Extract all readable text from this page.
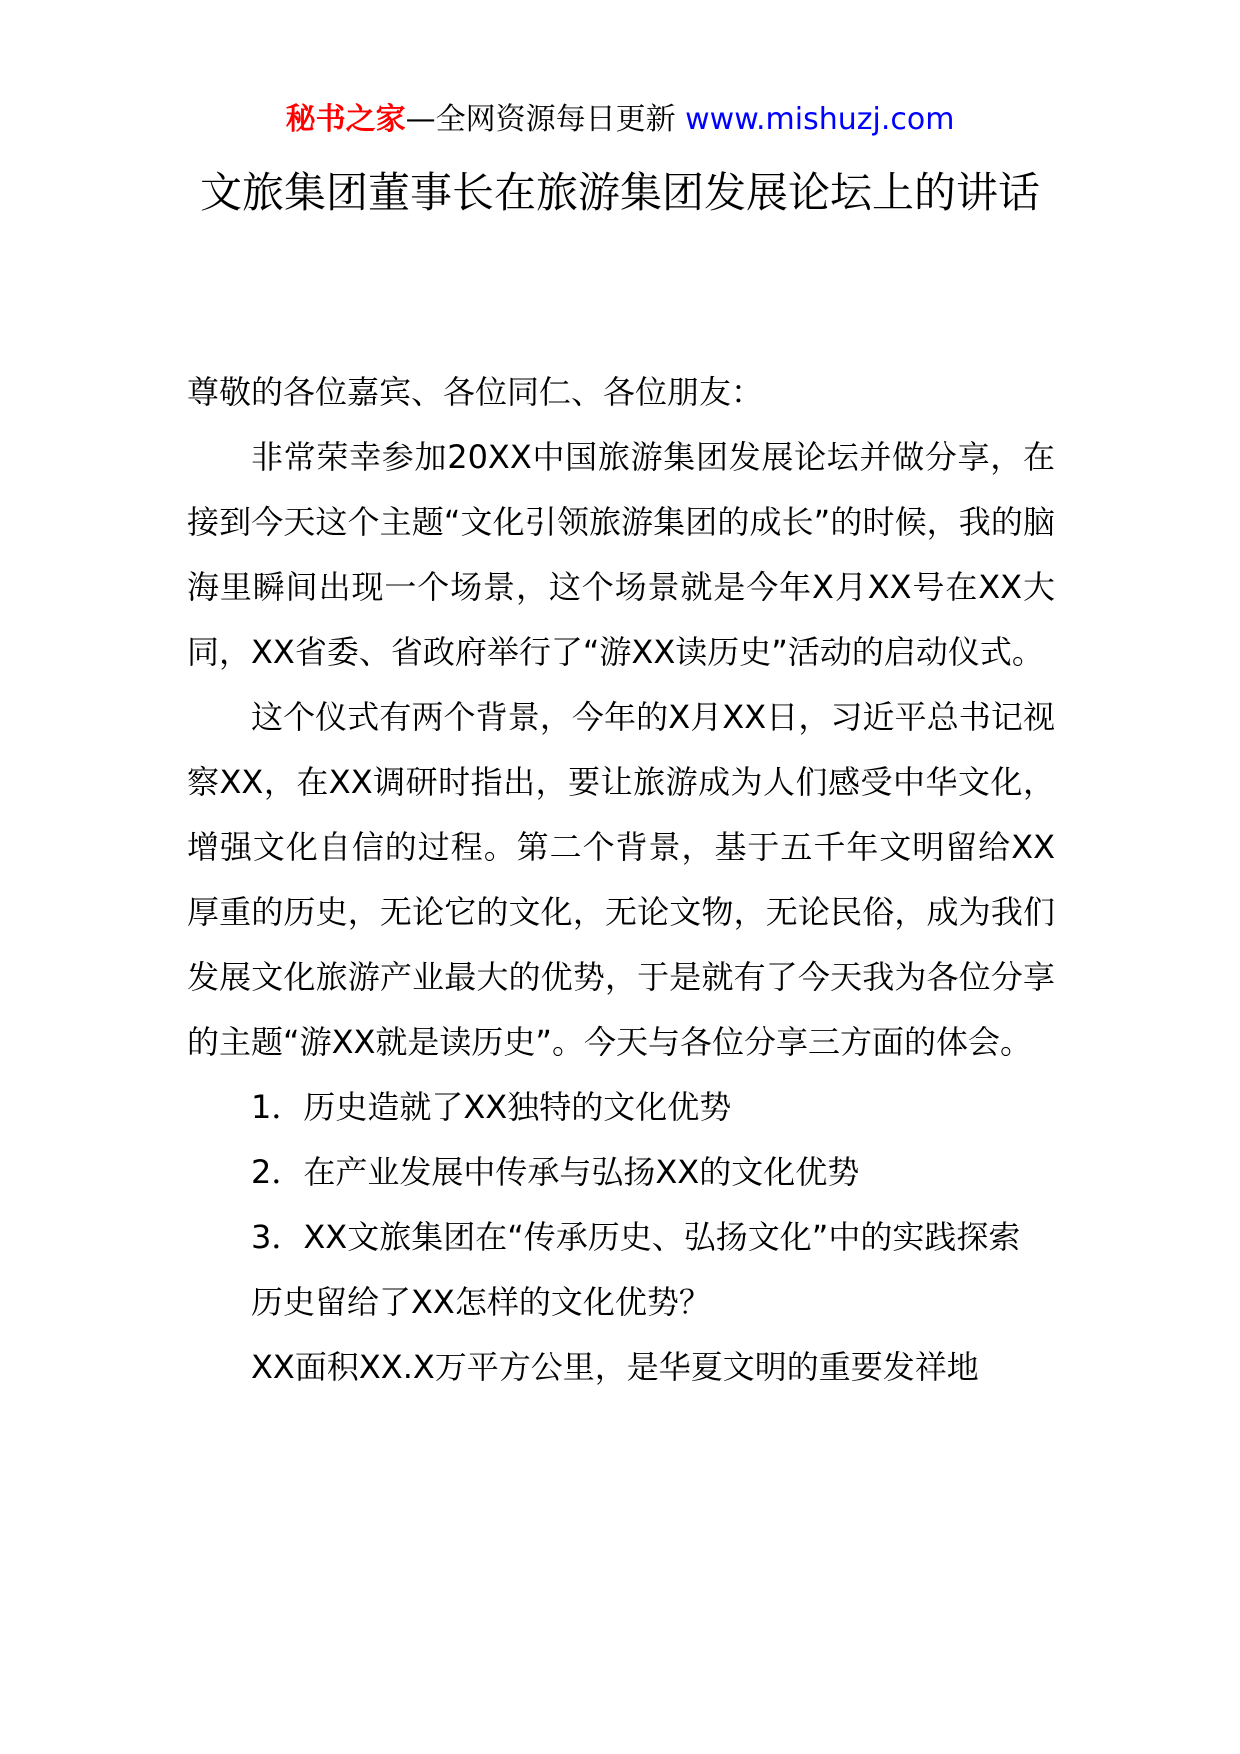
秘书之家—全网资源每日更新 www.mishuzj.com
文旅集团董事长在旅游集团发展论坛上的讲话

尊敬的各位嘉宾、各位同仁、各位朋友：

非常荣幸参加20XX中国旅游集团发展论坛并做分享，在接到今天这个主题“文化引领旅游集团的成长”的时候，我的脑海里瞬间出现一个场景，这个场景就是今年X月XX号在XX大同，XX省委、省政府举行了“游XX读历史”活动的启动仪式。

这个仪式有两个背景，今年的X月XX日，习近平总书记视察XX，在XX调研时指出，要让旅游成为人们感受中华文化，增强文化自信的过程。第二个背景，基于五千年文明留给XX厚重的历史，无论它的文化，无论文物，无论民俗，成为我们发展文化旅游产业最大的优势，于是就有了今天我为各位分享的主题“游XX就是读历史”。今天与各位分享三方面的体会。

1．历史造就了XX独特的文化优势

2．在产业发展中传承与弘扬XX的文化优势

3．XX文旅集团在“传承历史、弘扬文化”中的实践探索

历史留给了XX怎样的文化优势？

XX面积XX.X万平方公里，是华夏文明的重要发祥地
